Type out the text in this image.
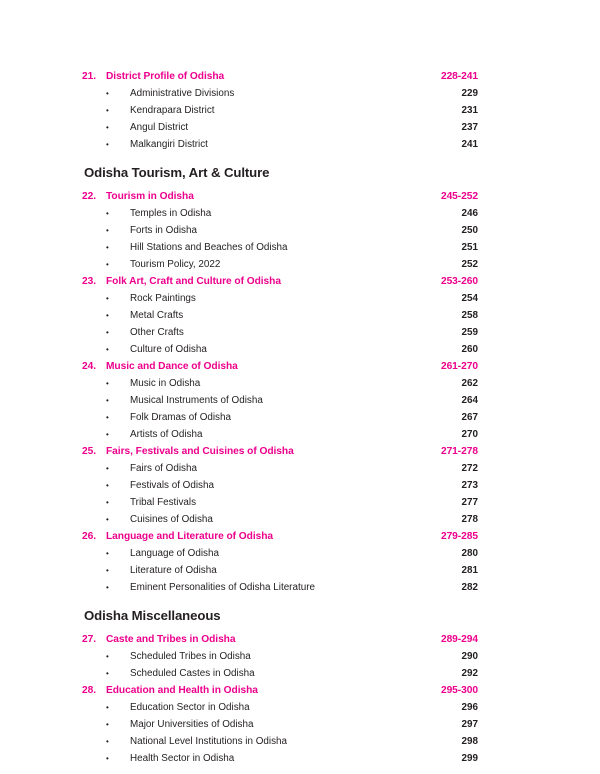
21. District Profile of Odisha	228-241
•	Administrative Divisions	229
•	Kendrapara District	231
•	Angul District	237
•	Malkangiri District	241
Odisha Tourism, Art & Culture
22. Tourism in Odisha	245-252
•	Temples in Odisha	246
•	Forts in Odisha	250
•	Hill Stations and Beaches of Odisha	251
•	Tourism Policy, 2022	252
23. Folk Art, Craft and Culture of Odisha	253-260
•	Rock Paintings	254
•	Metal Crafts	258
•	Other Crafts	259
•	Culture of Odisha	260
24. Music and Dance of Odisha	261-270
•	Music in Odisha	262
•	Musical Instruments of Odisha	264
•	Folk Dramas of Odisha	267
•	Artists of Odisha	270
25. Fairs, Festivals and Cuisines of Odisha	271-278
•	Fairs of Odisha	272
•	Festivals of Odisha	273
•	Tribal Festivals	277
•	Cuisines of Odisha	278
26. Language and Literature of Odisha	279-285
•	Language of Odisha	280
•	Literature of Odisha	281
•	Eminent Personalities of Odisha Literature	282
Odisha Miscellaneous
27. Caste and Tribes in Odisha	289-294
•	Scheduled Tribes in Odisha	290
•	Scheduled Castes in Odisha	292
28. Education and Health in Odisha	295-300
•	Education Sector in Odisha	296
•	Major Universities of Odisha	297
•	National Level Institutions in Odisha	298
•	Health Sector in Odisha	299
